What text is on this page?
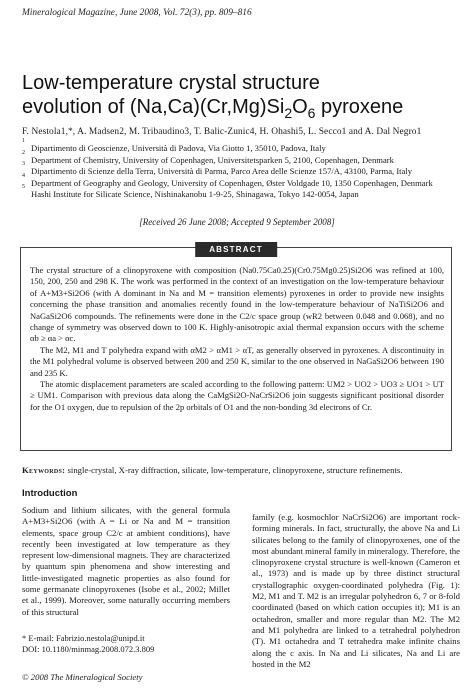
Mineralogical Magazine, June 2008, Vol. 72(3), pp. 809–816
Low-temperature crystal structure
evolution of $(Na,Ca)(Cr,Mg)Si_2O_6$ pyroxene
F. Nestola1,*, A. Madsen2, M. Tribaudino3, T. Balic-Zunic4, H. Ohashi5, L. Secco1 and A. Dal Negro1
1
Dipartimento di Geoscienze, Università di Padova, Via Giotto 1, 35010, Padova, Italy
2
Department of Chemistry, University of Copenhagen, Universitetsparken 5, 2100, Copenhagen, Denmark
3
Dipartimento di Scienze della Terra, Università di Parma, Parco Area delle Scienze 157/A, 43100, Parma, Italy
4
Department of Geography and Geology, University of Copenhagen, Øster Voldgade 10, 1350 Copenhagen, Denmark
5
Hashi Institute for Silicate Science, Nishinakanobu 1-9-25, Shinagawa, Tokyo 142-0054, Japan
[Received 26 June 2008; Accepted 9 September 2008]
ABSTRACT

The crystal structure of a clinopyroxene with composition (Na0.75Ca0.25)(Cr0.75Mg0.25)Si2O6 was refined at 100, 150, 200, 250 and 298 K. The work was performed in the context of an investigation on the low-temperature behaviour of A+M3+Si2O6 (with A dominant in Na and M = transition elements) pyroxenes in order to provide new insights concerning the phase transition and anomalies recently found in the low-temperature behaviour of NaTiSi2O6 and NaGaSi2O6 compounds. The refinements were done in the C2/c space group (wR2 between 0.048 and 0.068), and no change of symmetry was observed down to 100 K. Highly-anisotropic axial thermal expansion occurs with the scheme αb ≥ αa > αc.

The M2, M1 and T polyhedra expand with αM2 > αM1 > αT, as generally observed in pyroxenes. A discontinuity in the M1 polyhedral volume is observed between 200 and 250 K, similar to the one observed in NaGaSi2O6 between 190 and 235 K.

The atomic displacement parameters are scaled according to the following pattern: UM2 > UO2 > UO3 ≥ UO1 > UT ≥ UM1. Comparison with previous data along the CaMgSi2O-NaCrSi2O6 join suggests significant positional disorder for the O1 oxygen, due to repulsion of the 2p orbitals of O1 and the non-bonding 3d electrons of Cr.

Keywords: single-crystal, X-ray diffraction, silicate, low-temperature, clinopyroxene, structure refinements.
Introduction

Sodium and lithium silicates, with the general formula A+M3+Si2O6 (with A = Li or Na and M = transition elements, space group C2/c at ambient conditions), have recently been investigated at low temperature as they represent low-dimensional magnets. They are characterized by quantum spin phenomena and show interesting and little-investigated magnetic properties as also found for some germanate clinopyroxenes (Isobe et al., 2002; Millet et al., 1999). Moreover, some naturally occurring members of this structural

family (e.g. kosmochlor NaCrSi2O6) are important rock-forming minerals. In fact, structurally, the above Na and Li silicates belong to the family of clinopyroxenes, one of the most abundant mineral family in mineralogy. Therefore, the clinopyroxene crystal structure is well-known (Cameron et al., 1973) and is made up by three distinct structural crystallographic oxygen-coordinated polyhedra (Fig. 1): M2, M1 and T. M2 is an irregular polyhedron 6, 7 or 8-fold coordinated (based on which cation occupies it); M1 is an octahedron, smaller and more regular than M2. The M2 and M1 polyhedra are linked to a tetrahedral polyhedron (T). M1 octahedra and T tetrahedra make infinite chains along the c axis. In Na and Li silicates, Na and Li are hosted in the M2

* E-mail: Fabrizio.nestola@unipd.it
DOI: 10.1180/minmag.2008.072.3.809
© 2008 The Mineralogical Society
